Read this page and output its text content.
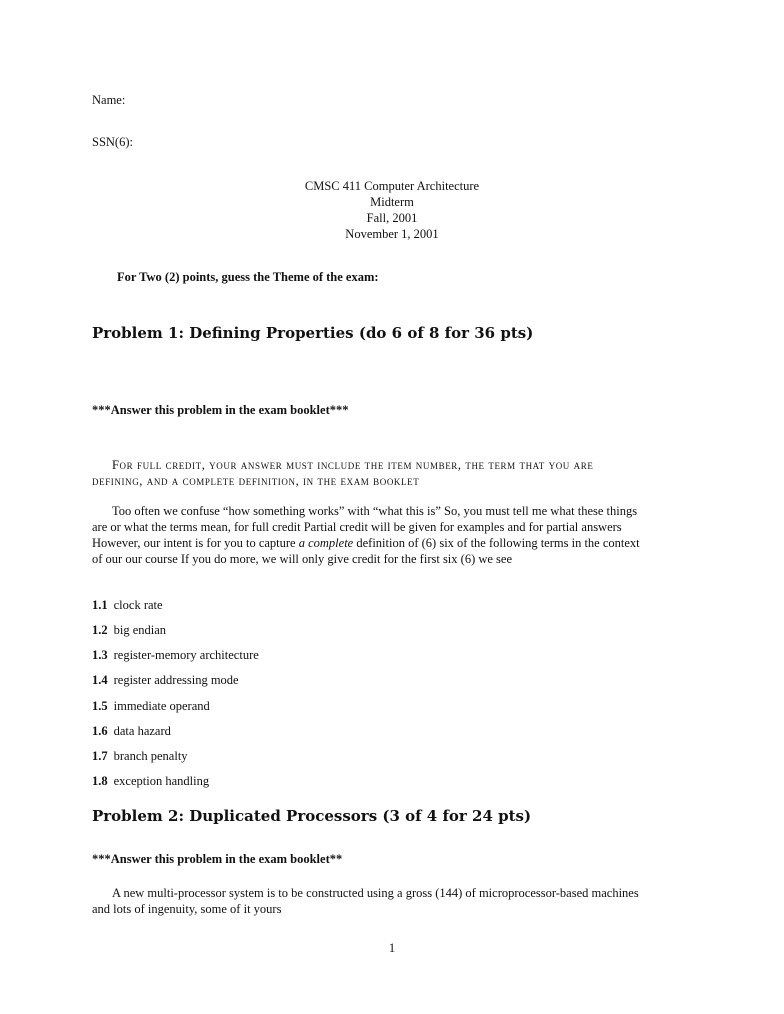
Name:
SSN(6):
CMSC 411 Computer Architecture
Midterm
Fall, 2001
November 1, 2001
For Two (2) points, guess the Theme of the exam:
Problem 1: Defining Properties (do 6 of 8 for 36 pts)
***Answer this problem in the exam booklet***
For full credit, your answer must include the item number, the term that you are
defining, and a complete definition, in the exam booklet
Too often we confuse “how something works” with “what this is” So, you must tell me what these things
are or what the terms mean, for full credit Partial credit will be given for examples and for partial answers
However, our intent is for you to capture a complete definition of (6) six of the following terms in the context
of our our course If you do more, we will only give credit for the first six (6) we see
1.1 clock rate
1.2 big endian
1.3 register-memory architecture
1.4 register addressing mode
1.5 immediate operand
1.6 data hazard
1.7 branch penalty
1.8 exception handling
Problem 2: Duplicated Processors (3 of 4 for 24 pts)
***Answer this problem in the exam booklet**
A new multi-processor system is to be constructed using a gross (144) of microprocessor-based machines
and lots of ingenuity, some of it yours
1
